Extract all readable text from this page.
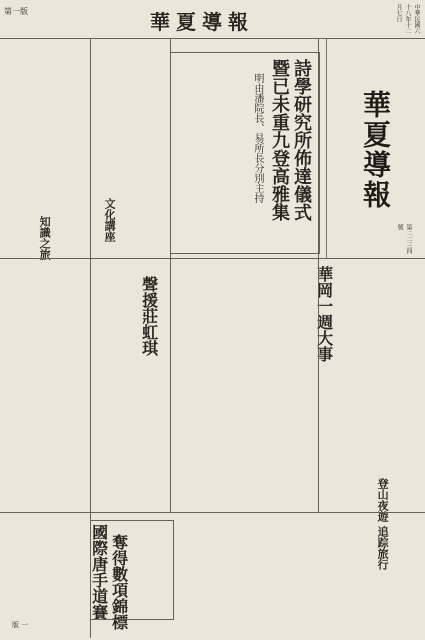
第一版	華夏導報	中華民國六十八年十二月七日
華夏導報
第二二三四號
詩學研究所佈達儀式
暨已未重九登高雅集
明由潘院長、易所長分別主持
聲援莊虹琪	華岡一週大事
國際唐手道賽 奪得數項錦標
文化講座
登山夜遊 追踪旅行
知識之旅
版 一
